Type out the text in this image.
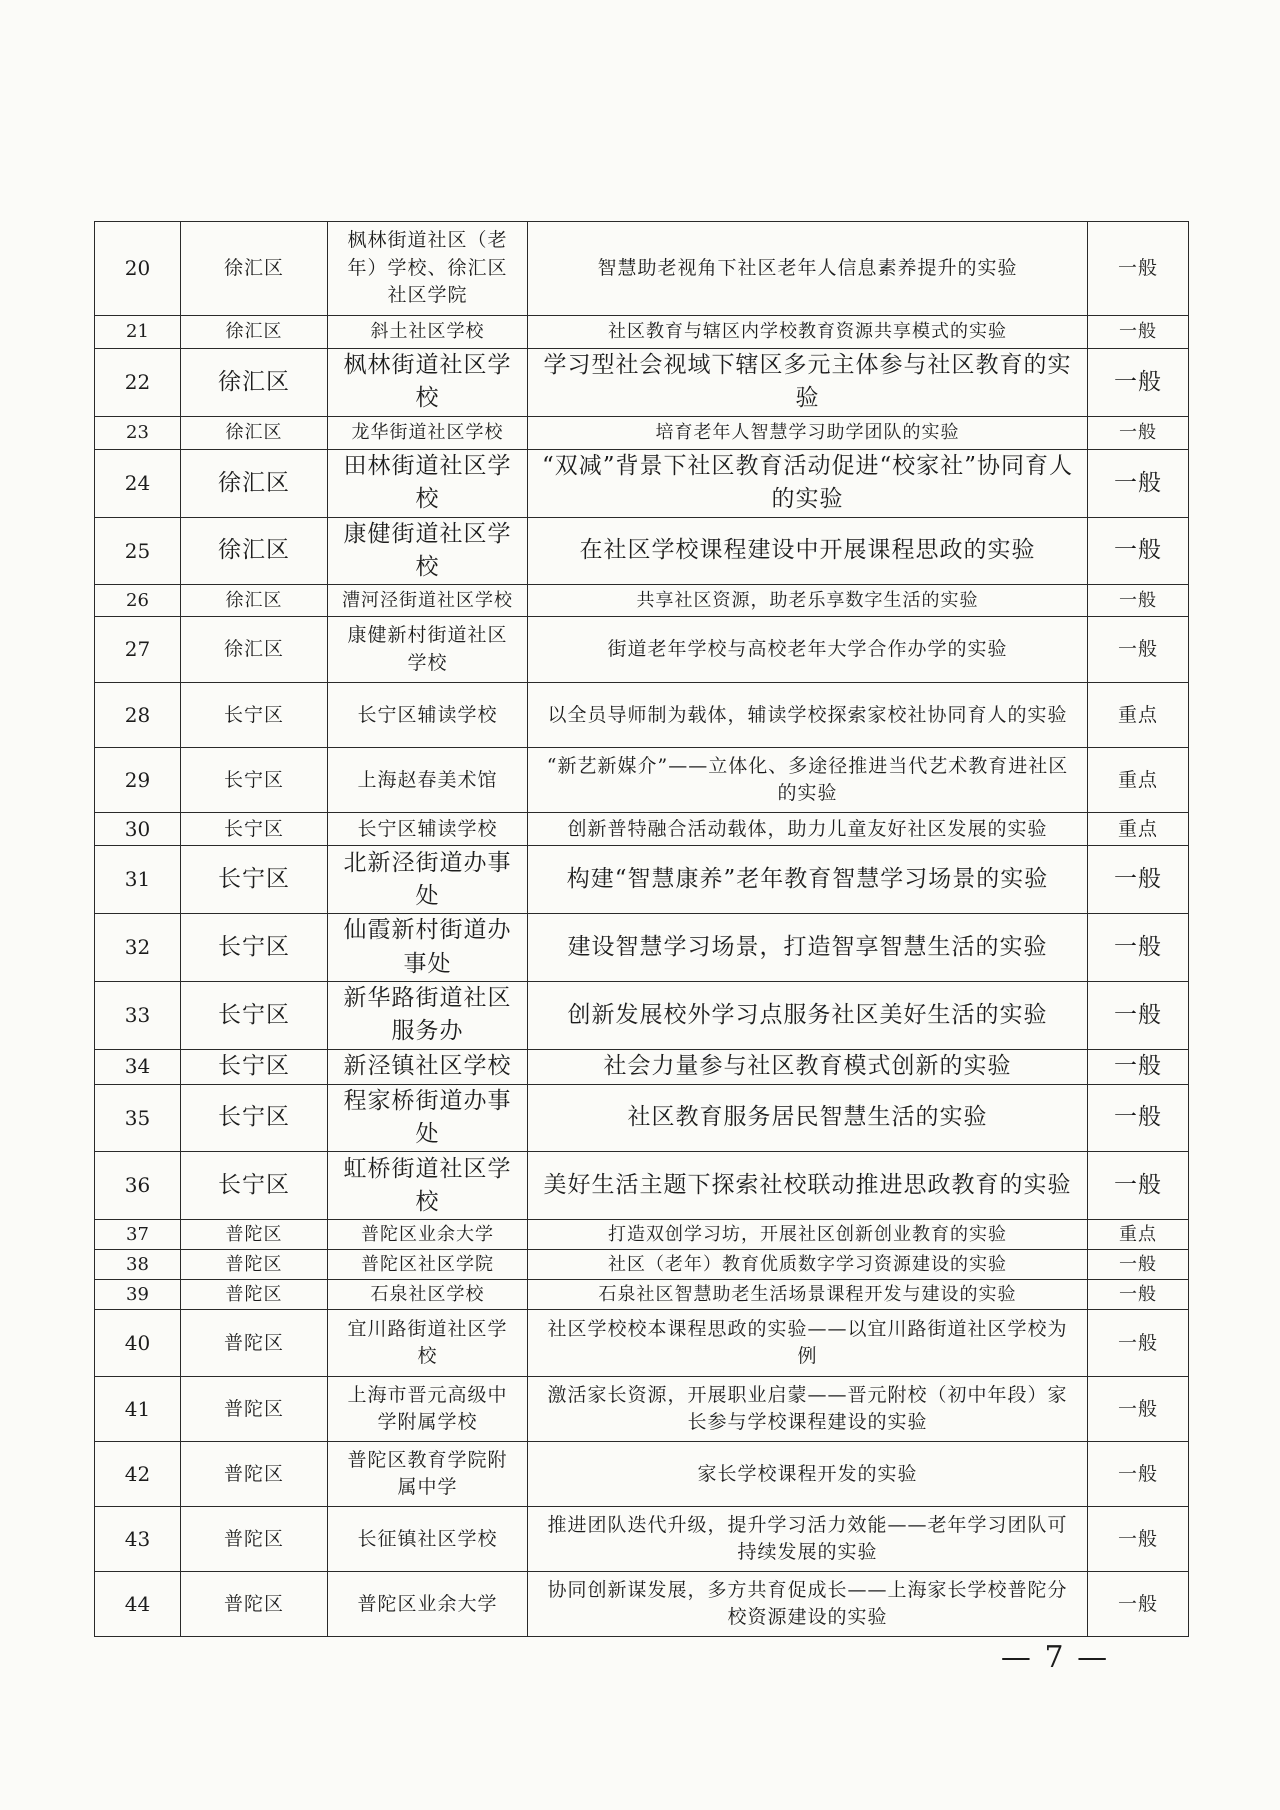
20	徐汇区	枫林街道社区（老年）学校、徐汇区社区学院	智慧助老视角下社区老年人信息素养提升的实验	一般
21	徐汇区	斜土社区学校	社区教育与辖区内学校教育资源共享模式的实验	一般
22	徐汇区	枫林街道社区学校	学习型社会视域下辖区多元主体参与社区教育的实验	一般
23	徐汇区	龙华街道社区学校	培育老年人智慧学习助学团队的实验	一般
24	徐汇区	田林街道社区学校	“双减”背景下社区教育活动促进“校家社”协同育人的实验	一般
25	徐汇区	康健街道社区学校	在社区学校课程建设中开展课程思政的实验	一般
26	徐汇区	漕河泾街道社区学校	共享社区资源，助老乐享数字生活的实验	一般
27	徐汇区	康健新村街道社区学校	街道老年学校与高校老年大学合作办学的实验	一般
28	长宁区	长宁区辅读学校	以全员导师制为载体，辅读学校探索家校社协同育人的实验	重点
29	长宁区	上海赵春美术馆	“新艺新媒介”——立体化、多途径推进当代艺术教育进社区的实验	重点
30	长宁区	长宁区辅读学校	创新普特融合活动载体，助力儿童友好社区发展的实验	重点
31	长宁区	北新泾街道办事处	构建“智慧康养”老年教育智慧学习场景的实验	一般
32	长宁区	仙霞新村街道办事处	建设智慧学习场景，打造智享智慧生活的实验	一般
33	长宁区	新华路街道社区服务办	创新发展校外学习点服务社区美好生活的实验	一般
34	长宁区	新泾镇社区学校	社会力量参与社区教育模式创新的实验	一般
35	长宁区	程家桥街道办事处	社区教育服务居民智慧生活的实验	一般
36	长宁区	虹桥街道社区学校	美好生活主题下探索社校联动推进思政教育的实验	一般
37	普陀区	普陀区业余大学	打造双创学习坊，开展社区创新创业教育的实验	重点
38	普陀区	普陀区社区学院	社区（老年）教育优质数字学习资源建设的实验	一般
39	普陀区	石泉社区学校	石泉社区智慧助老生活场景课程开发与建设的实验	一般
40	普陀区	宜川路街道社区学校	社区学校校本课程思政的实验——以宜川路街道社区学校为例	一般
41	普陀区	上海市晋元高级中学附属学校	激活家长资源，开展职业启蒙——晋元附校（初中年段）家长参与学校课程建设的实验	一般
42	普陀区	普陀区教育学院附属中学	家长学校课程开发的实验	一般
43	普陀区	长征镇社区学校	推进团队迭代升级，提升学习活力效能——老年学习团队可持续发展的实验	一般
44	普陀区	普陀区业余大学	协同创新谋发展，多方共育促成长——上海家长学校普陀分校资源建设的实验	一般
— 7 —
